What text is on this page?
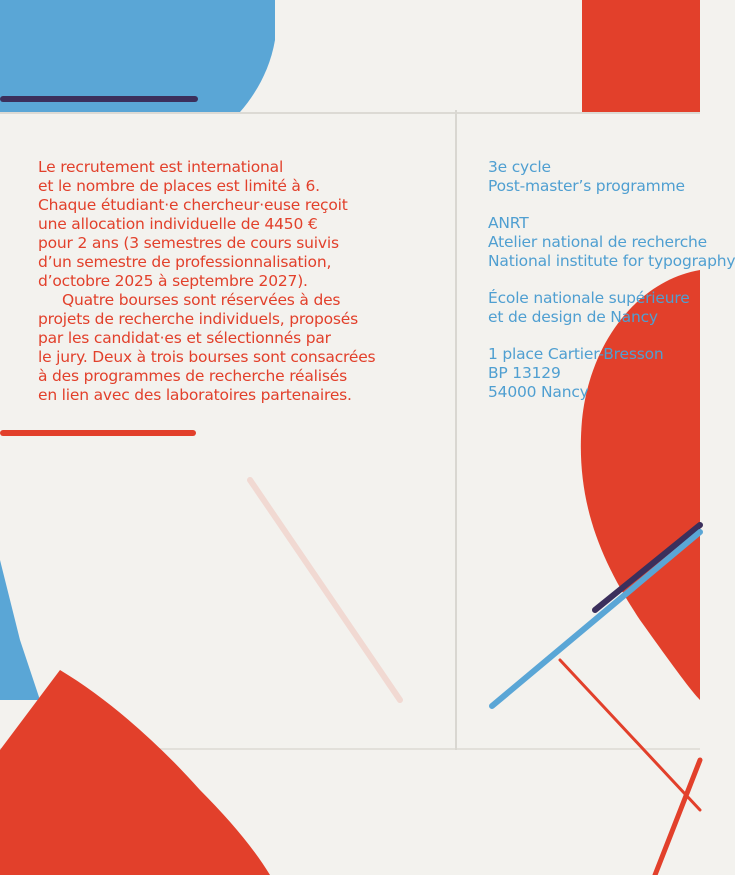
Le recrutement est international
et le nombre de places est limité à 6.
Chaque étudiant·e chercheur·euse reçoit
une allocation individuelle de 4450 €
pour 2 ans (3 semestres de cours suivis
d’un semestre de professionnalisation,
d’octobre 2025 à septembre 2027).

Quatre bourses sont réservées à des
projets de recherche individuels, proposés
par les candidat·es et sélectionnés par
le jury. Deux à trois bourses sont consacrées
à des programmes de recherche réalisés
en lien avec des laboratoires partenaires.

3e cycle
Post-master’s programme
ANRT
Atelier national de recherche
National institute for typography
École nationale supérieure
et de design de Nancy
1 place Cartier-Bresson
BP 13129
54000 Nancy
